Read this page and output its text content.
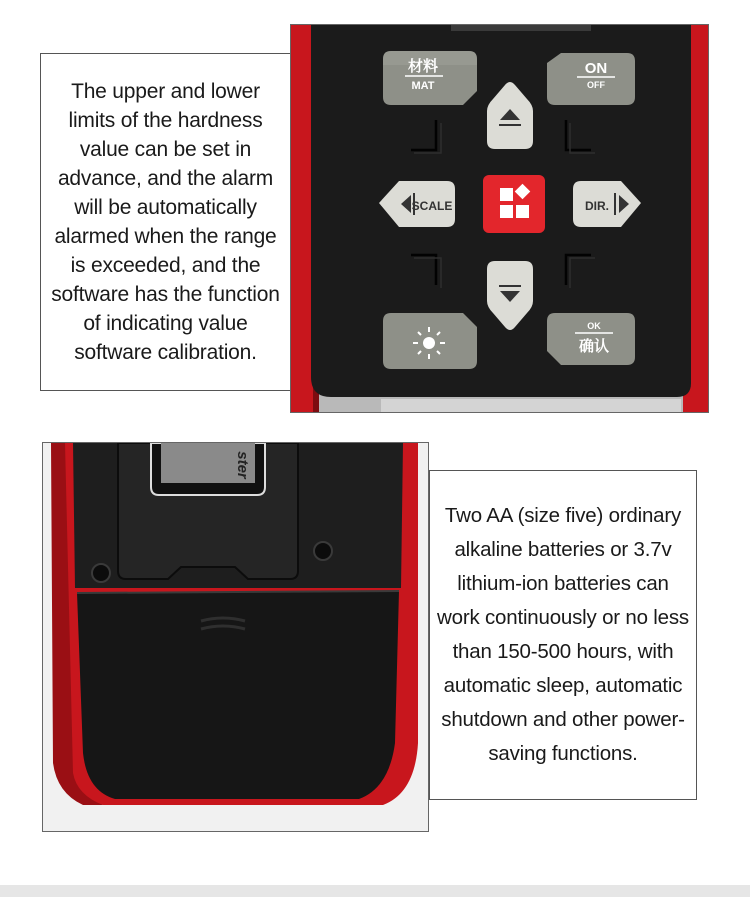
The upper and lower limits of the hardness value can be set in advance, and the alarm will be automatically alarmed when the range is exceeded, and the software has the function of indicating value software calibration.
材料
MAT
ON
OFF
SCALE	DIR.
OK
确认
ster
Two AA (size five) ordinary alkaline batteries or 3.7v lithium-ion batteries can work continuously or no less than 150-500 hours, with automatic sleep, automatic shutdown and other power-saving functions.
